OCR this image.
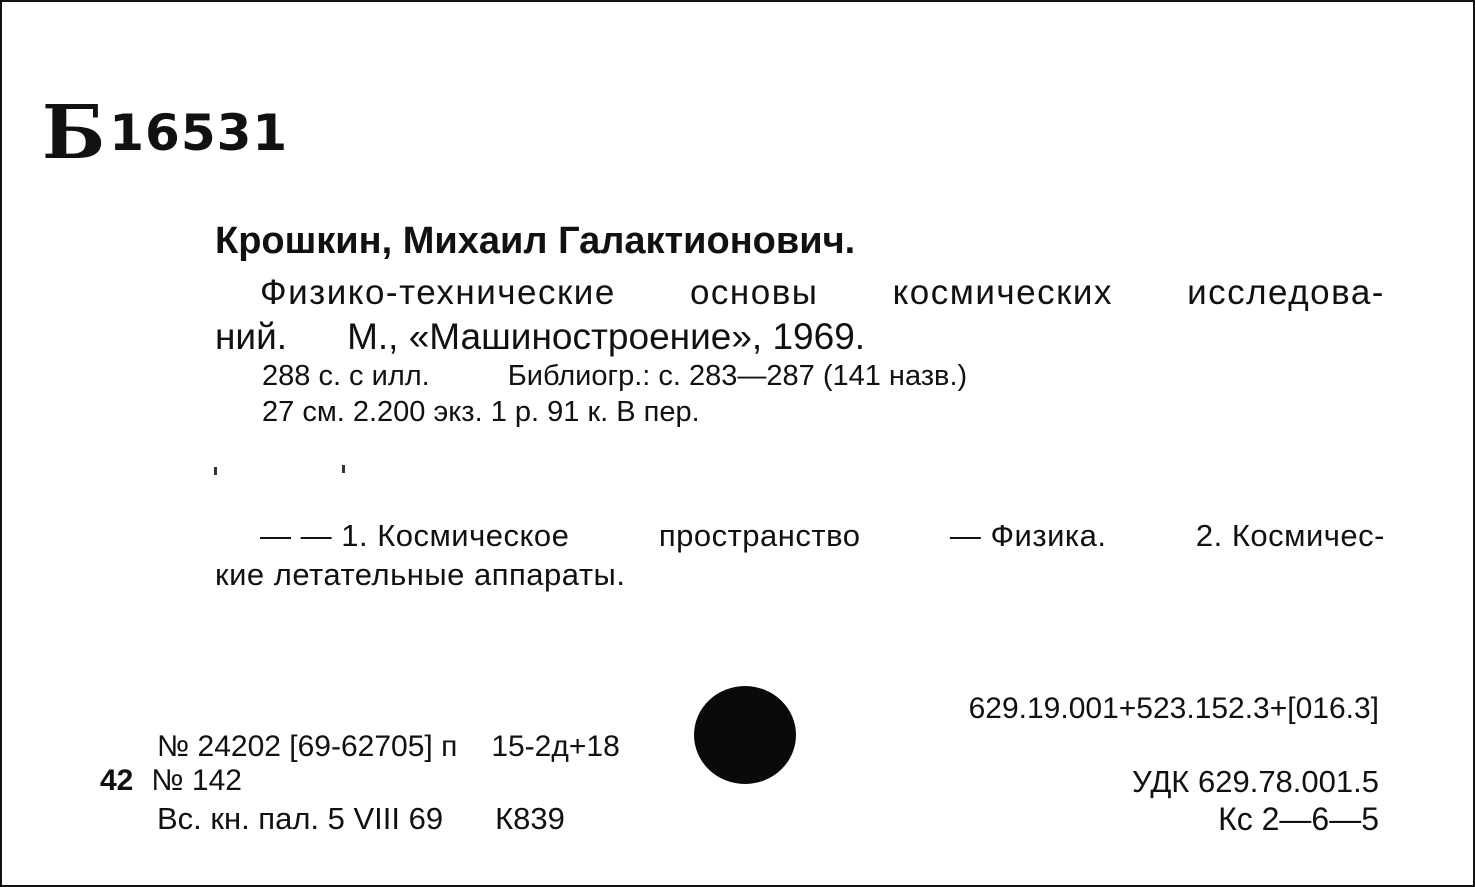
Б 16531
Крошкин, Михаил Галактионович.
Физико-технические основы космических исследова-
ний. М., «Машиностроение», 1969.
288 с. с илл.	Библиогр.: с. 283—287 (141 назв.)
27 см. 2.200 экз. 1 р. 91 к. В пер.
— — 1. Космическое	пространство	— Физика.	2. Космичес-
кие летательные аппараты.
№ 24202 [69-62705] п 15-2д+18
42 № 142
Вс. кн. пал. 5 VIII 69 К839
629.19.001+523.152.3+[016.3]
УДК 629.78.001.5
Кс 2—6—5
